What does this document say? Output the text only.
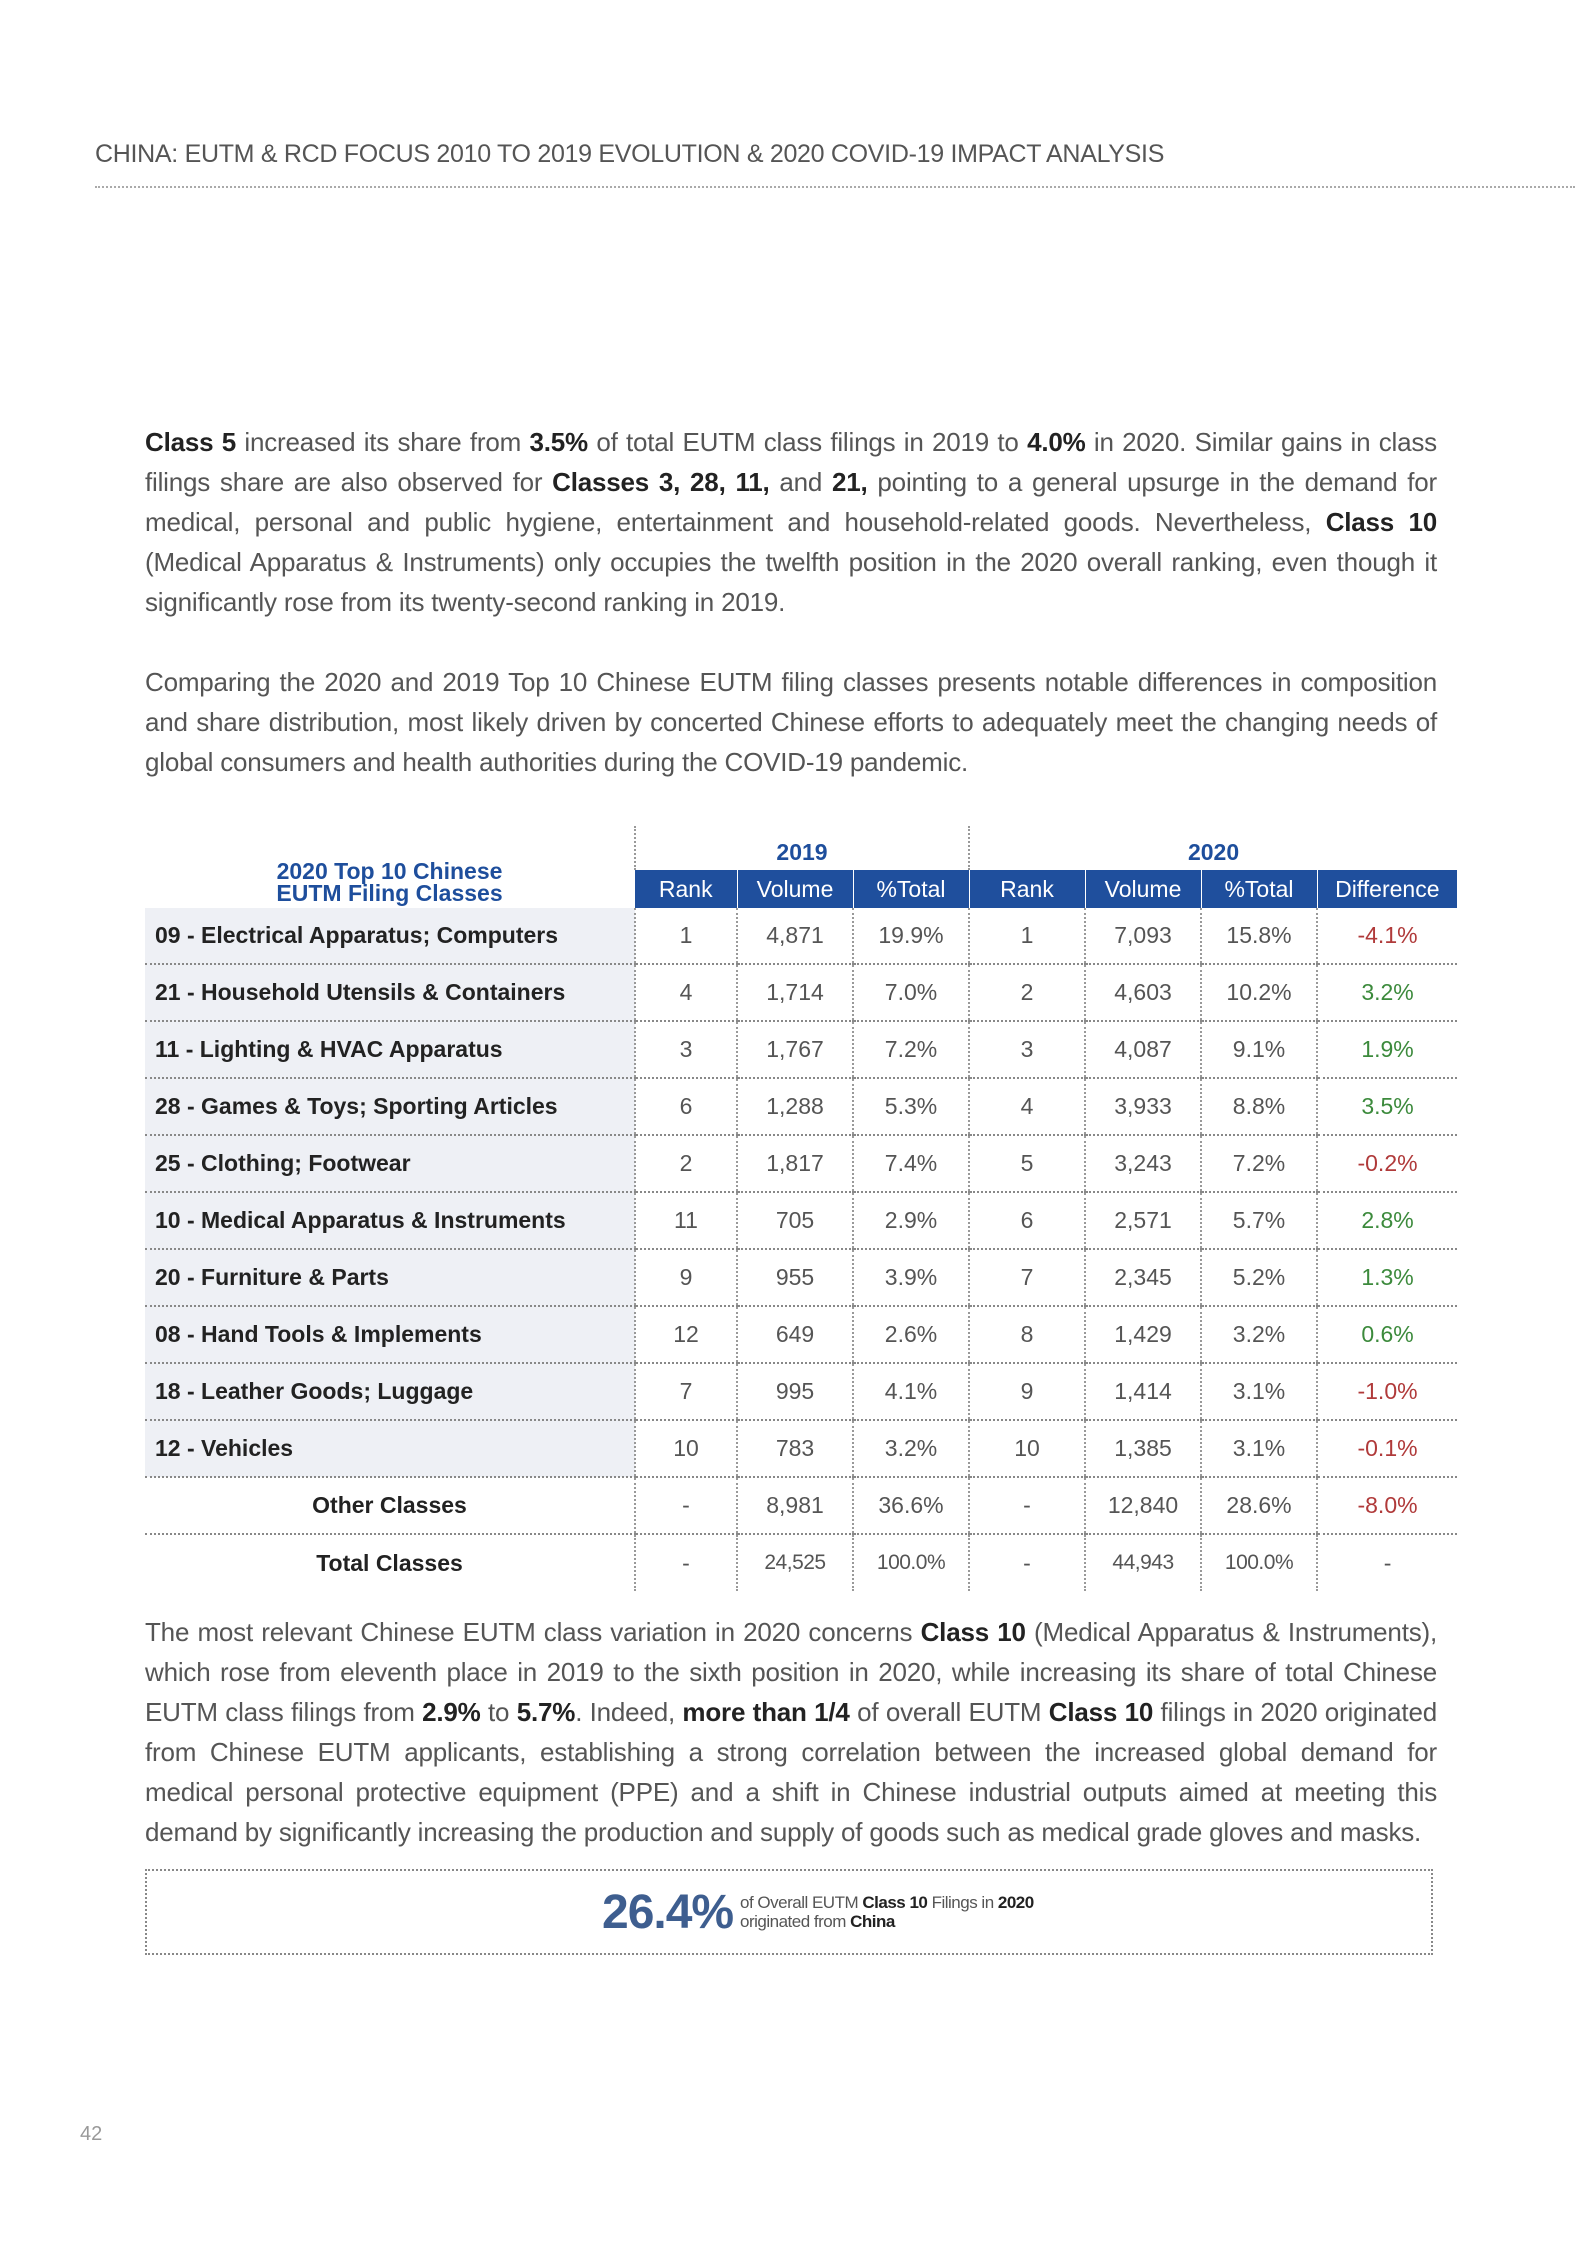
CHINA: EUTM & RCD FOCUS 2010 TO 2019 EVOLUTION & 2020 COVID-19 IMPACT ANALYSIS

Class 5 increased its share from 3.5% of total EUTM class filings in 2019 to 4.0% in 2020. Similar gains in class filings share are also observed for Classes 3, 28, 11, and 21, pointing to a general upsurge in the demand for medical, personal and public hygiene, entertainment and household-related goods. Nevertheless, Class 10 (Medical Apparatus & Instruments) only occupies the twelfth position in the 2020 overall ranking, even though it significantly rose from its twenty-second ranking in 2019.

Comparing the 2020 and 2019 Top 10 Chinese EUTM filing classes presents notable differences in composition and share distribution, most likely driven by concerted Chinese efforts to adequately meet the changing needs of global consumers and health authorities during the COVID-19 pandemic.

2020 Top 10 Chinese
EUTM Filing Classes	2019			2020			
	Rank	Volume	%Total	Rank	Volume	%Total	Difference
09 - Electrical Apparatus; Computers	1	4,871	19.9%	1	7,093	15.8%	-4.1%
21 - Household Utensils & Containers	4	1,714	7.0%	2	4,603	10.2%	3.2%
11 - Lighting & HVAC Apparatus	3	1,767	7.2%	3	4,087	9.1%	1.9%
28 - Games & Toys; Sporting Articles	6	1,288	5.3%	4	3,933	8.8%	3.5%
25 - Clothing; Footwear	2	1,817	7.4%	5	3,243	7.2%	-0.2%
10 - Medical Apparatus & Instruments	11	705	2.9%	6	2,571	5.7%	2.8%
20 - Furniture & Parts	9	955	3.9%	7	2,345	5.2%	1.3%
08 - Hand Tools & Implements	12	649	2.6%	8	1,429	3.2%	0.6%
18 - Leather Goods; Luggage	7	995	4.1%	9	1,414	3.1%	-1.0%
12 - Vehicles	10	783	3.2%	10	1,385	3.1%	-0.1%
Other Classes	-	8,981	36.6%	-	12,840	28.6%	-8.0%
Total Classes	-	24,525	100.0%	-	44,943	100.0%	-

The most relevant Chinese EUTM class variation in 2020 concerns Class 10 (Medical Apparatus & Instruments), which rose from eleventh place in 2019 to the sixth position in 2020, while increasing its share of total Chinese EUTM class filings from 2.9% to 5.7%. Indeed, more than 1/4 of overall EUTM Class 10 filings in 2020 originated from Chinese EUTM applicants, establishing a strong correlation between the increased global demand for medical personal protective equipment (PPE) and a shift in Chinese industrial outputs aimed at meeting this demand by significantly increasing the production and supply of goods such as medical grade gloves and masks.

26.4% of Overall EUTM Class 10 Filings in 2020
originated from China
42
